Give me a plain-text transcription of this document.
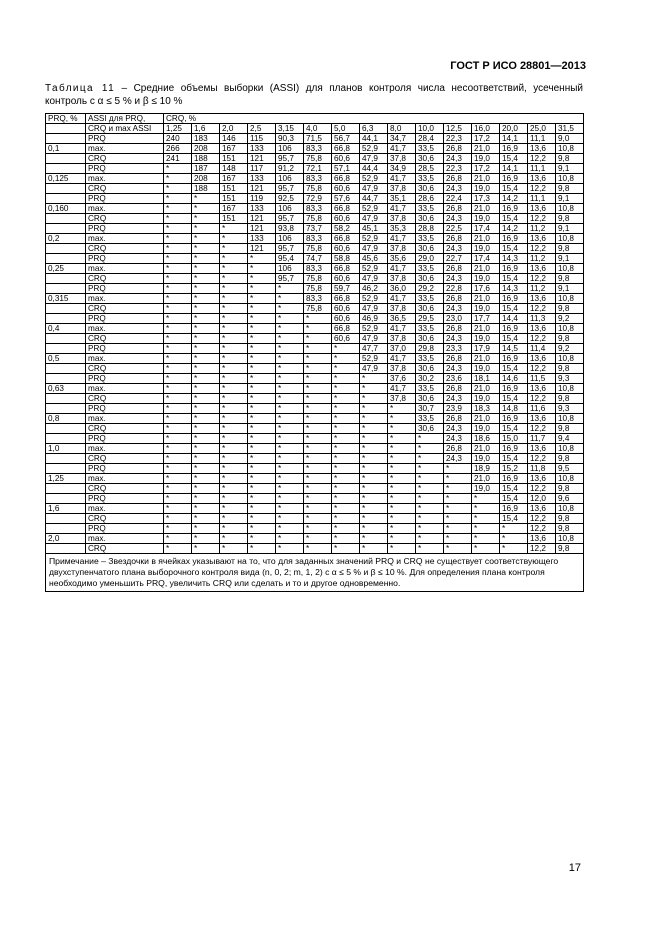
ГОСТ Р ИСО 28801—2013
Таблица 11 – Средние объемы выборки (ASSI) для планов контроля числа несоответствий, усеченный контроль с α ≤ 5 % и β ≤ 10 %
PRQ, %	ASSI для PRQ,	CRQ, %														
	CRQ и max ASSI	1,25	1,6	2,0	2,5	3,15	4,0	5,0	6,3	8,0	10,0	12,5	16,0	20,0	25,0	31,5
	PRQ	240	183	146	115	90,3	71,5	56,7	44,1	34,7	28,4	22,3	17,2	14,1	11,1	9,0
0,1	max.	266	208	167	133	106	83,3	66,8	52,9	41,7	33,5	26,8	21,0	16,9	13,6	10,8
	CRQ	241	188	151	121	95,7	75,8	60,6	47,9	37,8	30,6	24,3	19,0	15,4	12,2	9,8
	PRQ	*	187	148	117	91,2	72,1	57,1	44,4	34,9	28,5	22,3	17,2	14,1	11,1	9,1
0,125	max.	*	208	167	133	106	83,3	66,8	52,9	41,7	33,5	26,8	21,0	16,9	13,6	10,8
	CRQ	*	188	151	121	95,7	75,8	60,6	47,9	37,8	30,6	24,3	19,0	15,4	12,2	9,8
	PRQ	*	*	151	119	92,5	72,9	57,6	44,7	35,1	28,6	22,4	17,3	14,2	11,1	9,1
0,160	max.	*	*	167	133	106	83,3	66,8	52,9	41,7	33,5	26,8	21,0	16,9	13,6	10,8
	CRQ	*	*	151	121	95,7	75,8	60,6	47,9	37,8	30,6	24,3	19,0	15,4	12,2	9,8
	PRQ	*	*	*	121	93,8	73,7	58,2	45,1	35,3	28,8	22,5	17,4	14,2	11,2	9,1
0,2	max.	*	*	*	133	106	83,3	66,8	52,9	41,7	33,5	26,8	21,0	16,9	13,6	10,8
	CRQ	*	*	*	121	95,7	75,8	60,6	47,9	37,8	30,6	24,3	19,0	15,4	12,2	9,8
	PRQ	*	*	*	*	95,4	74,7	58,8	45,6	35,6	29,0	22,7	17,4	14,3	11,2	9,1
0,25	max.	*	*	*	*	106	83,3	66,8	52,9	41,7	33,5	26,8	21,0	16,9	13,6	10,8
	CRQ	*	*	*	*	95,7	75,8	60,6	47,9	37,8	30,6	24,3	19,0	15,4	12,2	9,8
	PRQ	*	*	*	*	*	75,8	59,7	46,2	36,0	29,2	22,8	17,6	14,3	11,2	9,1
0,315	max.	*	*	*	*	*	83,3	66,8	52,9	41,7	33,5	26,8	21,0	16,9	13,6	10,8
	CRQ	*	*	*	*	*	75,8	60,6	47,9	37,8	30,6	24,3	19,0	15,4	12,2	9,8
	PRQ	*	*	*	*	*	*	60,6	46,9	36,5	29,5	23,0	17,7	14,4	11,3	9,2
0,4	max.	*	*	*	*	*	*	66,8	52,9	41,7	33,5	26,8	21,0	16,9	13,6	10,8
	CRQ	*	*	*	*	*	*	60,6	47,9	37,8	30,6	24,3	19,0	15,4	12,2	9,8
	PRQ	*	*	*	*	*	*	*	47,7	37,0	29,8	23,3	17,9	14,5	11,4	9,2
0,5	max.	*	*	*	*	*	*	*	52,9	41,7	33,5	26,8	21,0	16,9	13,6	10,8
	CRQ	*	*	*	*	*	*	*	47,9	37,8	30,6	24,3	19,0	15,4	12,2	9,8
	PRQ	*	*	*	*	*	*	*	*	37,6	30,2	23,6	18,1	14,6	11,5	9,3
0,63	max.	*	*	*	*	*	*	*	*	41,7	33,5	26,8	21,0	16,9	13,6	10,8
	CRQ	*	*	*	*	*	*	*	*	37,8	30,6	24,3	19,0	15,4	12,2	9,8
	PRQ	*	*	*	*	*	*	*	*	*	30,7	23,9	18,3	14,8	11,6	9,3
0,8	max.	*	*	*	*	*	*	*	*	*	33,5	26,8	21,0	16,9	13,6	10,8
	CRQ	*	*	*	*	*	*	*	*	*	30,6	24,3	19,0	15,4	12,2	9,8
	PRQ	*	*	*	*	*	*	*	*	*	*	24,3	18,6	15,0	11,7	9,4
1,0	max.	*	*	*	*	*	*	*	*	*	*	26,8	21,0	16,9	13,6	10,8
	CRQ	*	*	*	*	*	*	*	*	*	*	24,3	19,0	15,4	12,2	9,8
	PRQ	*	*	*	*	*	*	*	*	*	*	*	18,9	15,2	11,8	9,5
1,25	max.	*	*	*	*	*	*	*	*	*	*	*	21,0	16,9	13,6	10,8
	CRQ	*	*	*	*	*	*	*	*	*	*	*	19,0	15,4	12,2	9,8
	PRQ	*	*	*	*	*	*	*	*	*	*	*	*	15,4	12,0	9,6
1,6	max.	*	*	*	*	*	*	*	*	*	*	*	*	16,9	13,6	10,8
	CRQ	*	*	*	*	*	*	*	*	*	*	*	*	15,4	12,2	9,8
	PRQ	*	*	*	*	*	*	*	*	*	*	*	*	*	12,2	9,8
2,0	max.	*	*	*	*	*	*	*	*	*	*	*	*	*	13,6	10,8
	CRQ	*	*	*	*	*	*	*	*	*	*	*	*	*	12,2	9,8
Примечание – Звездочки в ячейках указывают на то, что для заданных значений PRQ и CRQ не существует соответствующего двухступенчатого плана выборочного контроля вида (n, 0, 2; m, 1, 2) с α ≤ 5 % и β ≤ 10 %. Для определения плана контроля необходимо уменьшить PRQ, увеличить CRQ или сделать и то и другое одновременно.																
17
